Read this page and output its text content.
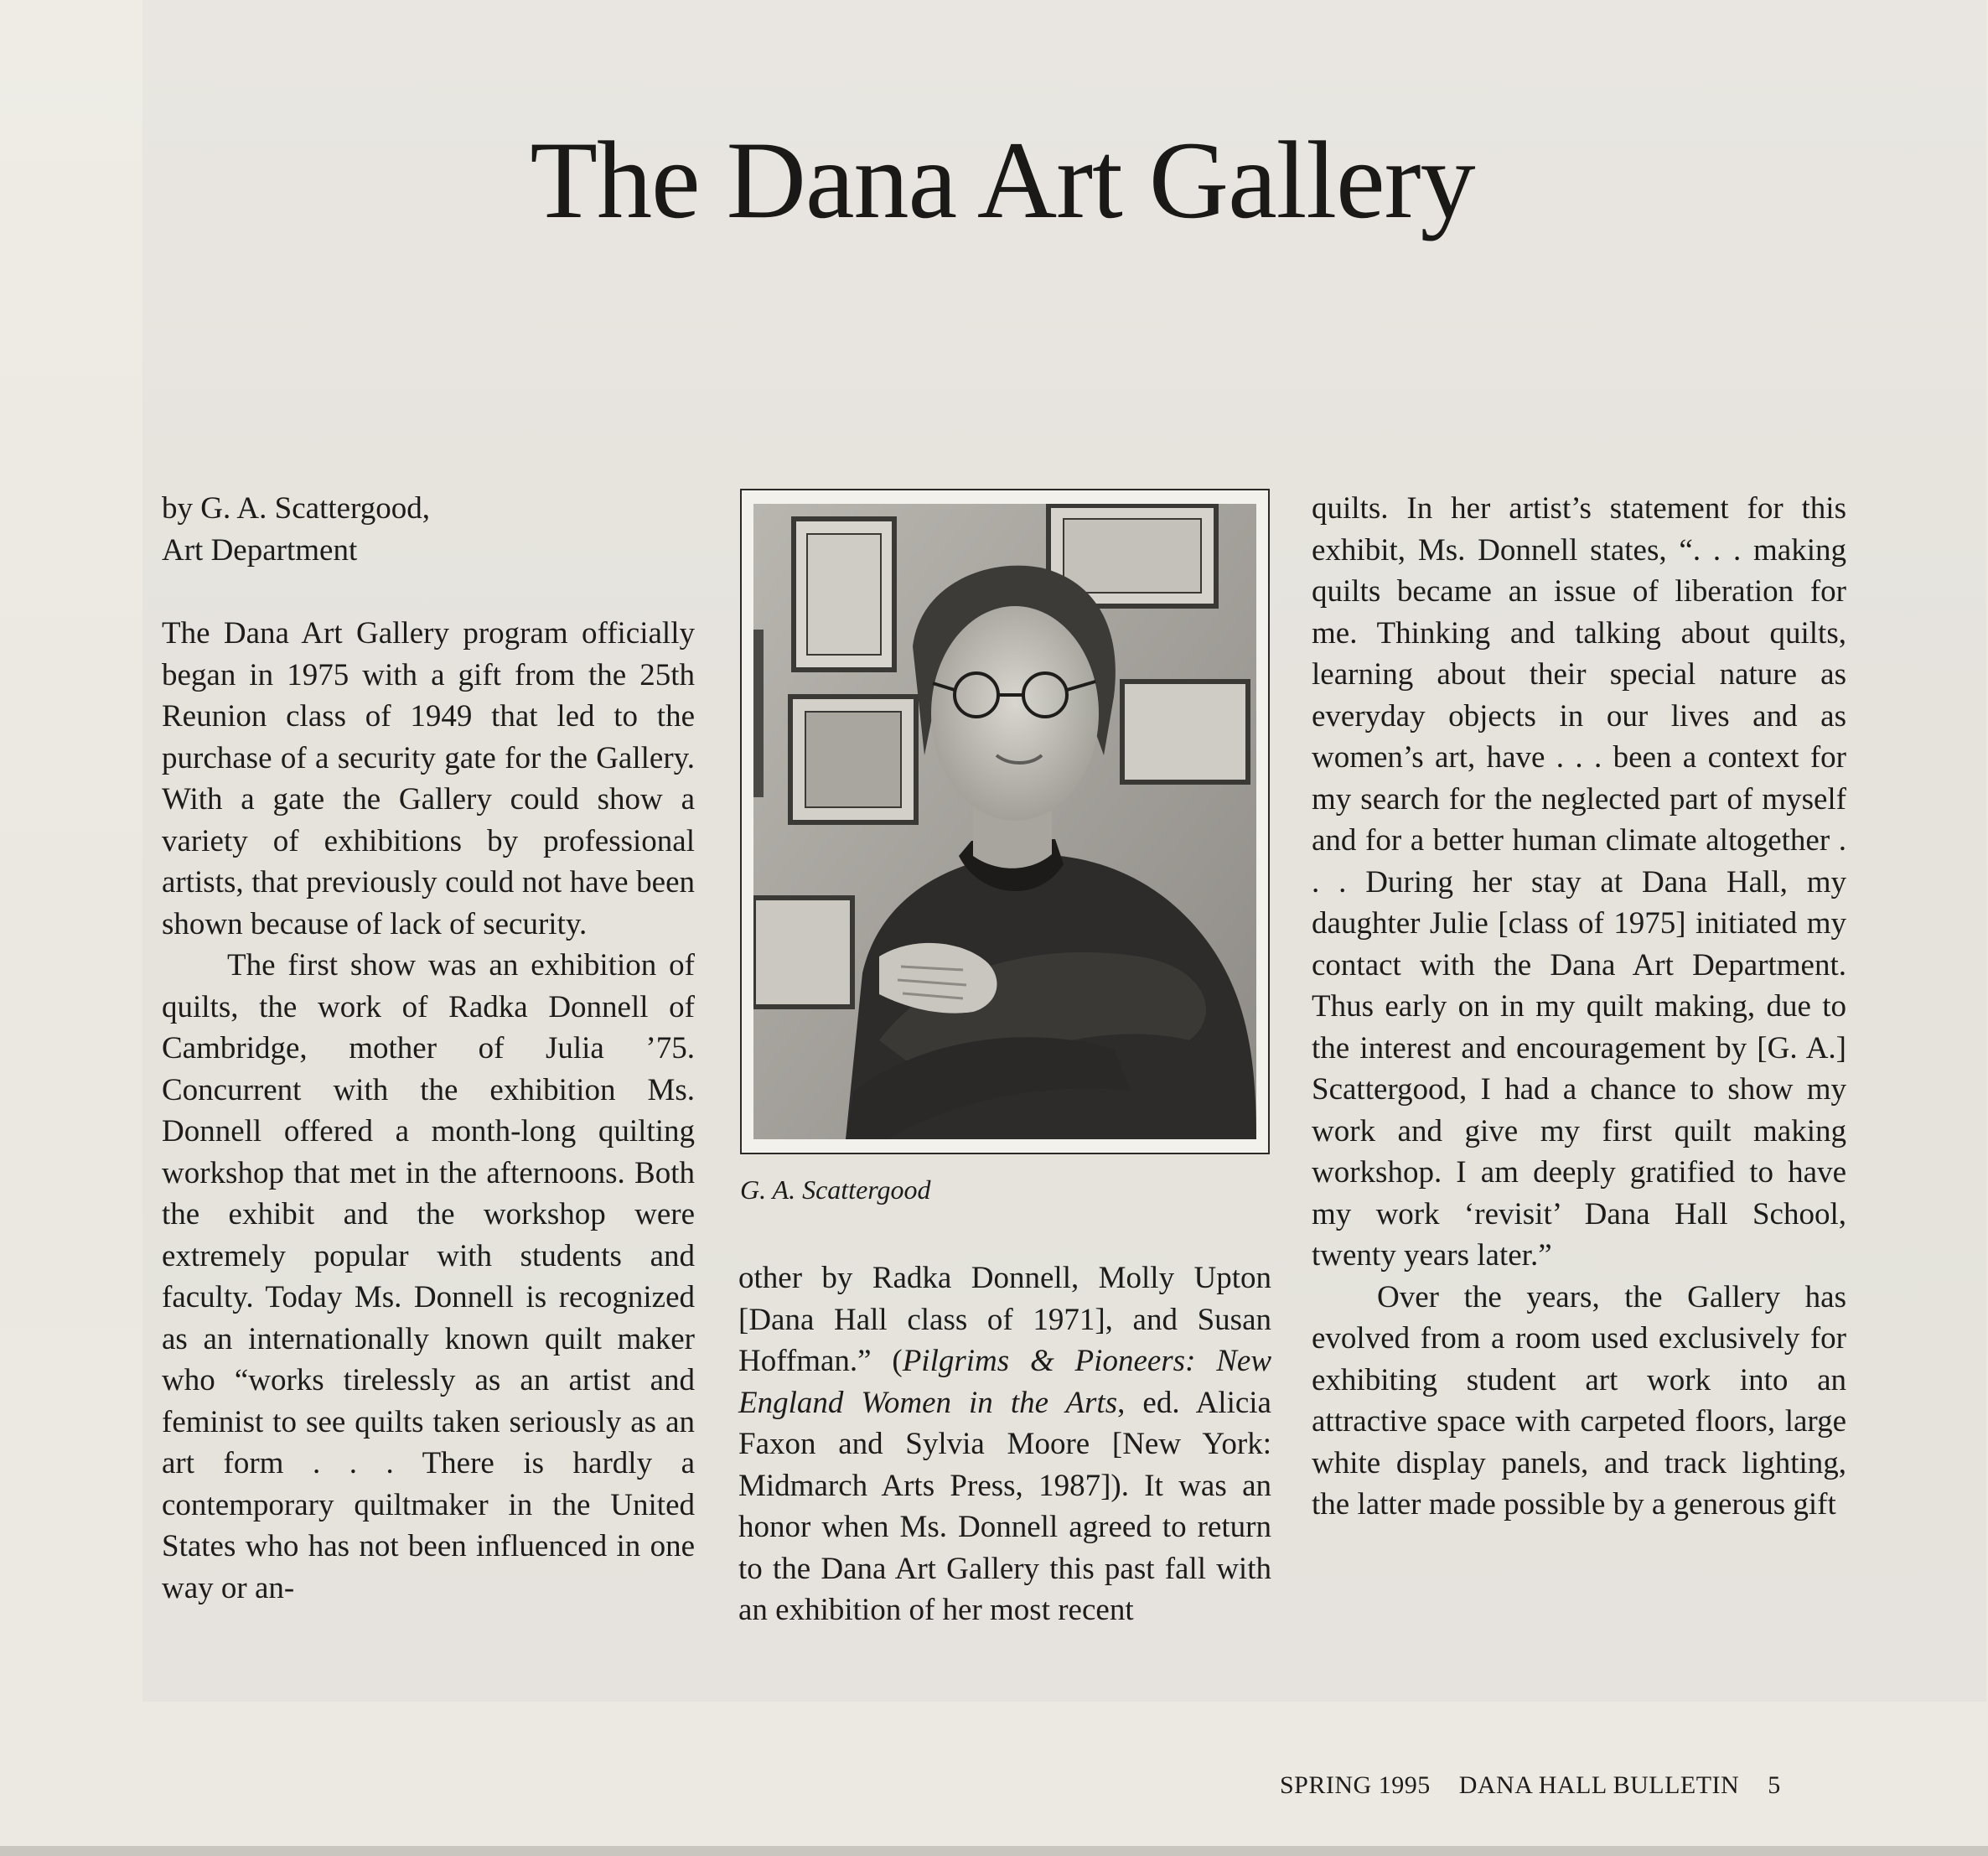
The Dana Art Gallery

by G. A. Scattergood,
Art Department

The Dana Art Gallery program officially began in 1975 with a gift from the 25th Reunion class of 1949 that led to the purchase of a security gate for the Gallery. With a gate the Gallery could show a variety of exhibitions by professional artists, that previously could not have been shown because of lack of security.

The first show was an exhibition of quilts, the work of Radka Donnell of Cambridge, mother of Julia ’75. Concurrent with the exhibition Ms. Donnell offered a month-long quilting workshop that met in the afternoons. Both the exhibit and the workshop were extremely popular with students and faculty. Today Ms. Donnell is recognized as an internationally known quilt maker who “works tirelessly as an artist and feminist to see quilts taken seriously as an art form . . . There is hardly a contemporary quiltmaker in the United States who has not been influenced in one way or an-

G. A. Scattergood

other by Radka Donnell, Molly Upton [Dana Hall class of 1971], and Susan Hoffman.” (Pilgrims & Pioneers: New England Women in the Arts, ed. Alicia Faxon and Sylvia Moore [New York: Midmarch Arts Press, 1987]). It was an honor when Ms. Donnell agreed to return to the Dana Art Gallery this past fall with an exhibition of her most recent

quilts. In her artist’s statement for this exhibit, Ms. Donnell states, “. . . making quilts became an issue of liberation for me. Thinking and talking about quilts, learning about their special nature as everyday objects in our lives and as women’s art, have . . . been a context for my search for the neglected part of myself and for a better human climate altogether . . . During her stay at Dana Hall, my daughter Julie [class of 1975] initiated my contact with the Dana Art Department. Thus early on in my quilt making, due to the interest and encouragement by [G. A.] Scattergood, I had a chance to show my work and give my first quilt making workshop. I am deeply gratified to have my work ‘revisit’ Dana Hall School, twenty years later.”

Over the years, the Gallery has evolved from a room used exclusively for exhibiting student art work into an attractive space with carpeted floors, large white display panels, and track lighting, the latter made possible by a generous gift

SPRING 1995 DANA HALL BULLETIN 5
